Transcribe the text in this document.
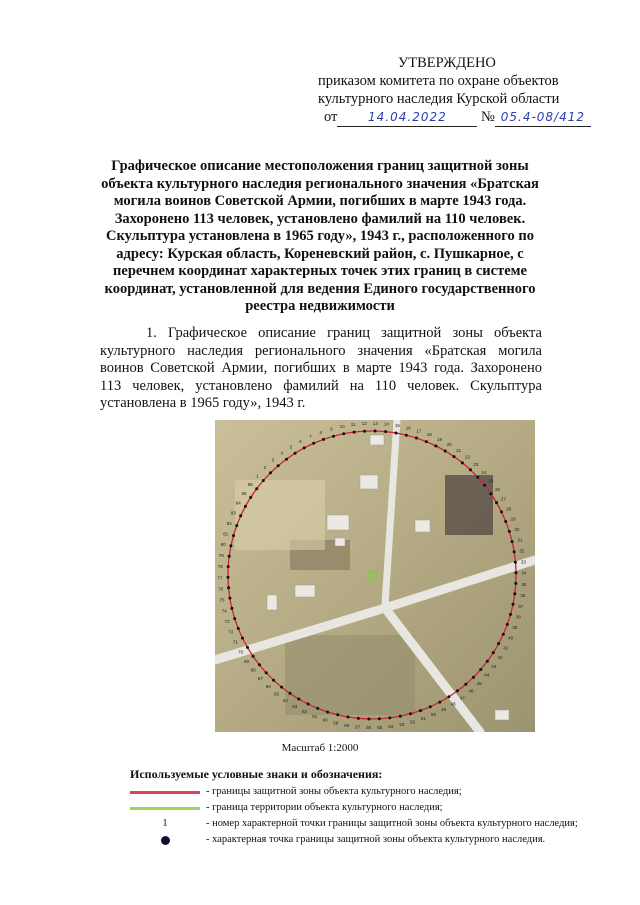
УТВЕРЖДЕНО
приказом комитета по охране объектов
культурного наследия Курской области
от	14.04.2022 № 05.4-08/412
Графическое описание местоположения границ защитной зоны объекта культурного наследия регионального значения «Братская могила воинов Советской Армии, погибших в марте 1943 года. Захоронено 113 человек, установлено фамилий на 110 человек. Скульптура установлена в 1965 году», 1943 г., расположенного по адресу: Курская область, Кореневский район, с. Пушкарное, с перечнем координат характерных точек этих границ в системе координат, установленной для ведения Единого государственного реестра недвижимости
1. Графическое описание границ защитной зоны объекта культурного наследия регионального значения «Братская могила воинов Советской Армии, погибших в марте 1943 года. Захоронено 113 человек, установлено фамилий на 110 человек. Скульптура установлена в 1965 году», 1943 г.
1
2
3
4
5
6
7
8
9 10 11 12 13 14 15 16
17
18
19
20
21
22
23
24
25
26
27
28
29
30
31
32
33
34
35
36
37
38
39
40
41
42
43
44
45
46
47
48
49
50
51
52
53
54
55
56
57
58
59
60
61
62
63
64
65
66
67
68
69
70
71
72
73
74
75
76
77
78
79
80
81
82
83
84
85
86
Масштаб 1:2000
Используемые условные знаки и обозначения:
- границы защитной зоны объекта культурного наследия;
- граница территории объекта культурного наследия;
1	- номер характерной точки границы защитной зоны объекта культурного наследия;
- характерная точка границы защитной зоны объекта культурного наследия.
